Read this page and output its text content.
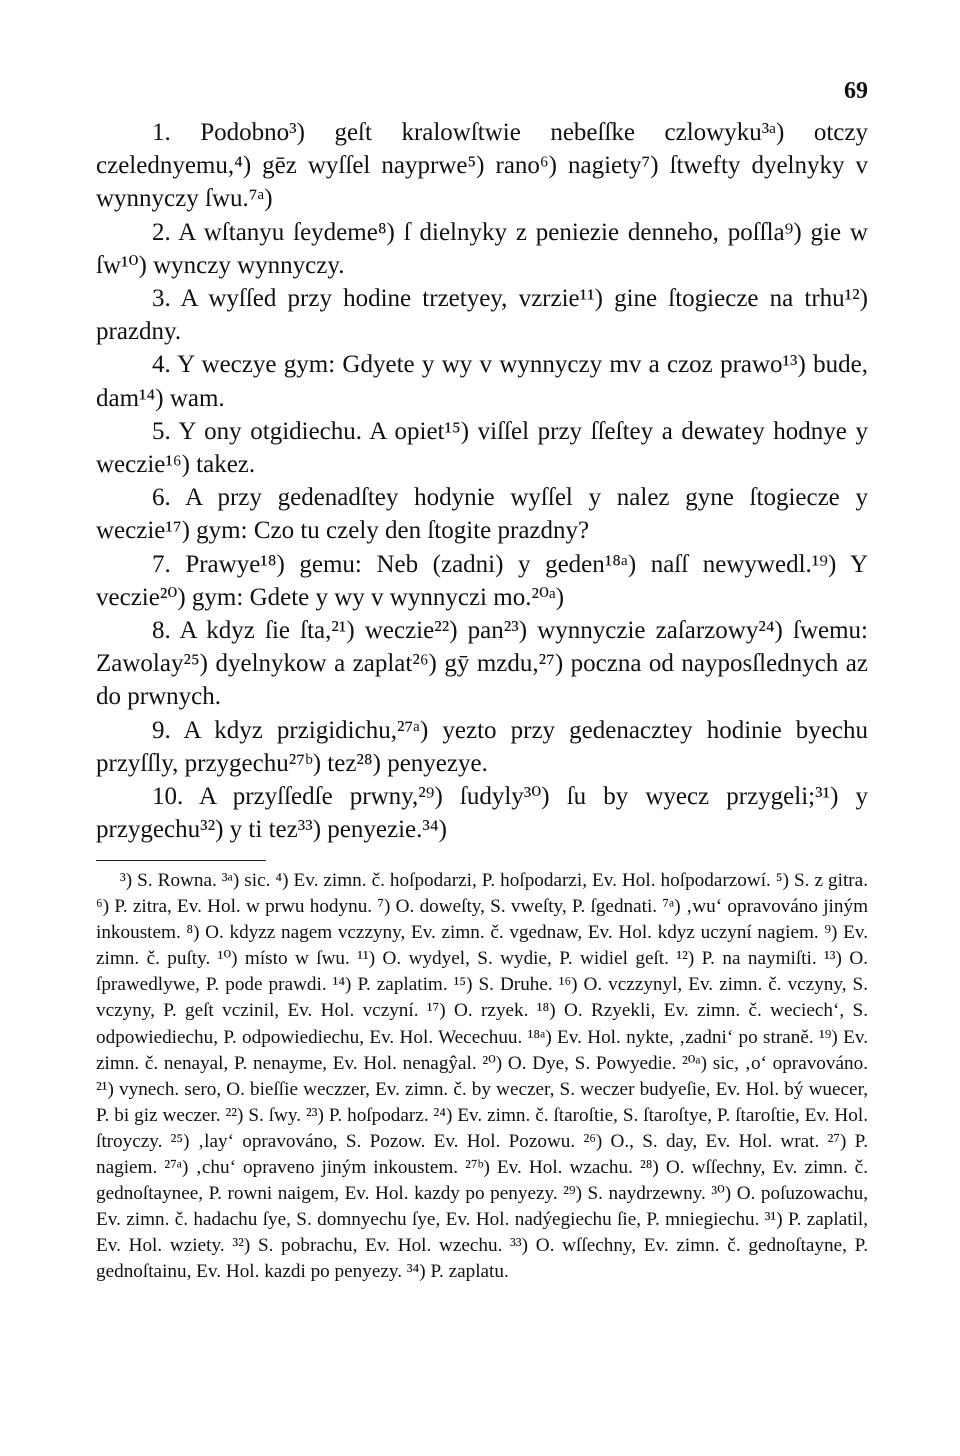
69

1. Podobno³) geſt kralowſtwie nebeſſke czlowyku³ᵃ) otczy czelednyemu,⁴) gēz wyſſel nayprwe⁵) rano⁶) nagiety⁷) ſtwefty dyelnyky v wynnyczy ſwu.⁷ᵃ)

2. A wſtanyu ſeydeme⁸) ſ dielnyky z peniezie denneho, poſſla⁹) gie w ſw¹⁰) wynczy wynnyczy.

3. A wyſſed przy hodine trzetyey, vzrzie¹¹) gine ſtogiecze na trhu¹²) prazdny.

4. Y weczye gym: Gdyete y wy v wynnyczy mv a czoz prawo¹³) bude, dam¹⁴) wam.

5. Y ony otgidiechu. A opiet¹⁵) viſſel przy ſſeſtey a dewatey hodnye y weczie¹⁶) takez.

6. A przy gedenadſtey hodynie wyſſel y nalez gyne ſtogiecze y weczie¹⁷) gym: Czo tu czely den ſtogite prazdny?

7. Prawye¹⁸) gemu: Neb (zadni) y geden¹⁸ᵃ) naſſ newywedl.¹⁹) Y veczie²⁰) gym: Gdete y wy v wynnyczi mo.²⁰ᵃ)

8. A kdyz ſie ſta,²¹) weczie²²) pan²³) wynnyczie zaſarzowy²⁴) ſwemu: Zawolay²⁵) dyelnykow a zaplat²⁶) gȳ mzdu,²⁷) poczna od nayposſlednych az do prwnych.

9. A kdyz przigidichu,²⁷ᵃ) yezto przy gedenacztey hodinie byechu przyſſly, przygechu²⁷ᵇ) tez²⁸) penyezye.

10. A przyſſedſe prwny,²⁹) ſudyly³⁰) ſu by wyecz przygeli;³¹) y przygechu³²) y ti tez³³) penyezie.³⁴)

³) S. Rowna. ³ᵃ) sic. ⁴) Ev. zimn. č. hoſpodarzi, P. hoſpodarzi, Ev. Hol. hoſpodarzowí. ⁵) S. z gitra. ⁶) P. zitra, Ev. Hol. w prwu hodynu. ⁷) O. doweſty, S. vweſty, P. ſgednati. ⁷ᵃ) ‚wu‘ opravováno jiným inkoustem. ⁸) O. kdyzz nagem vczzyny, Ev. zimn. č. vgednaw, Ev. Hol. kdyz uczyní nagiem. ⁹) Ev. zimn. č. puſty. ¹⁰) místo w ſwu. ¹¹) O. wydyel, S. wydie, P. widiel geſt. ¹²) P. na naymiſti. ¹³) O. ſprawedlywe, P. pode prawdi. ¹⁴) P. zaplatim. ¹⁵) S. Druhe. ¹⁶) O. vczzynyl, Ev. zimn. č. vczyny, S. vczyny, P. geſt vczinil, Ev. Hol. vczyní. ¹⁷) O. rzyek. ¹⁸) O. Rzyekli, Ev. zimn. č. weciech‘, S. odpowiediechu, P. odpowiediechu, Ev. Hol. Wecechuu. ¹⁸ᵃ) Ev. Hol. nykte, ‚zadni‘ po straně. ¹⁹) Ev. zimn. č. nenayal, P. nenayme, Ev. Hol. nenagŷal. ²⁰) O. Dye, S. Powyedie. ²⁰ᵃ) sic, ‚o‘ opravováno. ²¹) vynech. sero, O. bieſſie weczzer, Ev. zimn. č. by weczer, S. weczer budyeſie, Ev. Hol. bý wuecer, P. bi giz weczer. ²²) S. ſwy. ²³) P. hoſpodarz. ²⁴) Ev. zimn. č. ſtaroſtie, S. ſtaroſtye, P. ſtaroſtie, Ev. Hol. ſtroyczy. ²⁵) ‚lay‘ opravováno, S. Pozow. Ev. Hol. Pozowu. ²⁶) O., S. day, Ev. Hol. wrat. ²⁷) P. nagiem. ²⁷ᵃ) ‚chu‘ opraveno jiným inkoustem. ²⁷ᵇ) Ev. Hol. wzachu. ²⁸) O. wſſechny, Ev. zimn. č. gednoſtaynee, P. rowni naigem, Ev. Hol. kazdy po penyezy. ²⁹) S. naydrzewny. ³⁰) O. poſuzowachu, Ev. zimn. č. hadachu ſye, S. domnyechu ſye, Ev. Hol. nadýegiechu ſie, P. mniegiechu. ³¹) P. zaplatil, Ev. Hol. wziety. ³²) S. pobrachu, Ev. Hol. wzechu. ³³) O. wſſechny, Ev. zimn. č. gednoſtayne, P. gednoſtainu, Ev. Hol. kazdi po penyezy. ³⁴) P. zaplatu.
